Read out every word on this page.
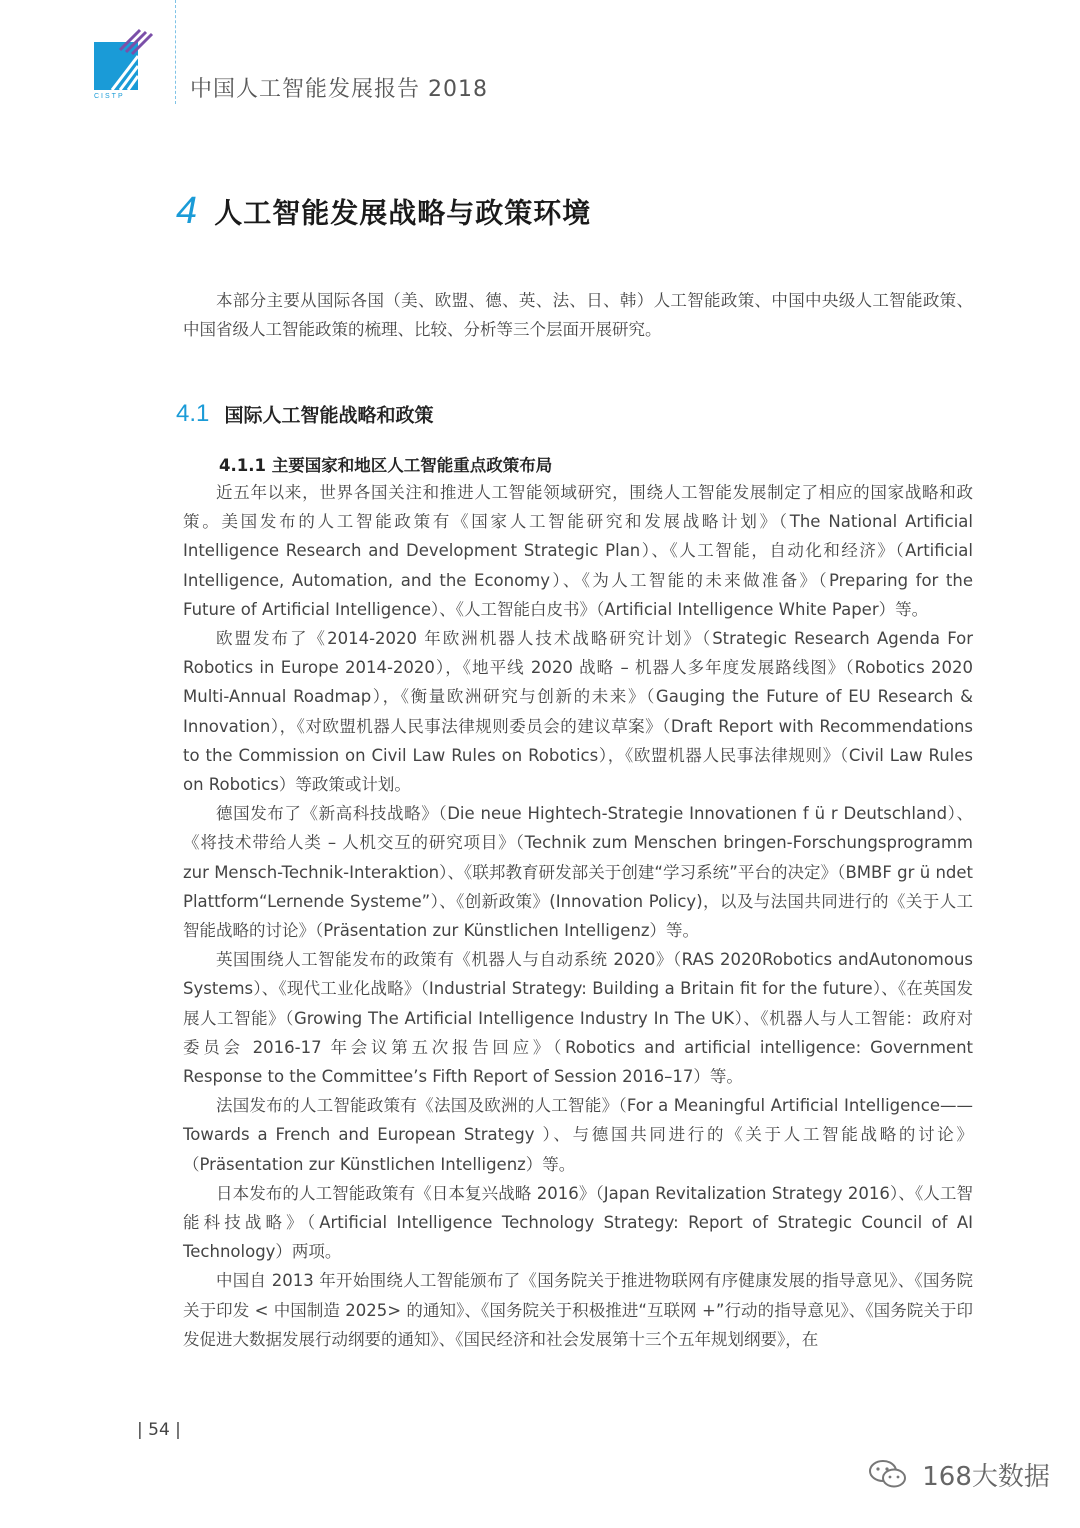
CISTP	中国人工智能发展报告 2018
4 人工智能发展战略与政策环境

本部分主要从国际各国（美、欧盟、德、英、法、日、韩）人工智能政策、中国中央级人工智能政策、中国省级人工智能政策的梳理、比较、分析等三个层面开展研究。

4.1 国际人工智能战略和政策
4.1.1 主要国家和地区人工智能重点政策布局

近五年以来，世界各国关注和推进人工智能领域研究，围绕人工智能发展制定了相应的国家战略和政策。美国发布的人工智能政策有《国家人工智能研究和发展战略计划》（The National Artificial Intelligence Research and Development Strategic Plan）、《人工智能，自动化和经济》（Artificial Intelligence, Automation, and the Economy）、《为人工智能的未来做准备》（Preparing for the Future of Artificial Intelligence）、《人工智能白皮书》（Artificial Intelligence White Paper）等。

欧盟发布了《2014-2020 年欧洲机器人技术战略研究计划》（Strategic Research Agenda For Robotics in Europe 2014-2020），《地平线 2020 战略 – 机器人多年度发展路线图》（Robotics 2020 Multi-Annual Roadmap），《衡量欧洲研究与创新的未来》（Gauging the Future of EU Research & Innovation），《对欧盟机器人民事法律规则委员会的建议草案》（Draft Report with Recommendations to the Commission on Civil Law Rules on Robotics），《欧盟机器人民事法律规则》（Civil Law Rules on Robotics）等政策或计划。

德国发布了《新高科技战略》（Die neue Hightech-Strategie Innovationen f ü r Deutschland）、《将技术带给人类 – 人机交互的研究项目》（Technik zum Menschen bringen-Forschungsprogramm zur Mensch-Technik-Interaktion）、《联邦教育研发部关于创建“学习系统”平台的决定》（BMBF gr ü ndet Plattform“Lernende Systeme”）、《创新政策》(Innovation Policy)，以及与法国共同进行的《关于人工智能战略的讨论》（Präsentation zur Künstlichen Intelligenz）等。

英国围绕人工智能发布的政策有《机器人与自动系统 2020》（RAS 2020Robotics andAutonomous Systems）、《现代工业化战略》（Industrial Strategy: Building a Britain fit for the future）、《在英国发展人工智能》（Growing The Artificial Intelligence Industry In The UK）、《机器人与人工智能：政府对委员会 2016-17 年会议第五次报告回应》（Robotics and artificial intelligence: Government Response to the Committee’s Fifth Report of Session 2016–17）等。

法国发布的人工智能政策有《法国及欧洲的人工智能》（For a Meaningful Artificial Intelligence——Towards a French and European Strategy ）、与德国共同进行的《关于人工智能战略的讨论》（Präsentation zur Künstlichen Intelligenz）等。

日本发布的人工智能政策有《日本复兴战略 2016》（Japan Revitalization Strategy 2016）、《人工智能科技战略》（Artificial Intelligence Technology Strategy: Report of Strategic Council of AI Technology）两项。

中国自 2013 年开始围绕人工智能颁布了《国务院关于推进物联网有序健康发展的指导意见》、《国务院关于印发 < 中国制造 2025> 的通知》、《国务院关于积极推进“互联网 +”行动的指导意见》、《国务院关于印发促进大数据发展行动纲要的通知》、《国民经济和社会发展第十三个五年规划纲要》，在

| 54 |
168大数据
